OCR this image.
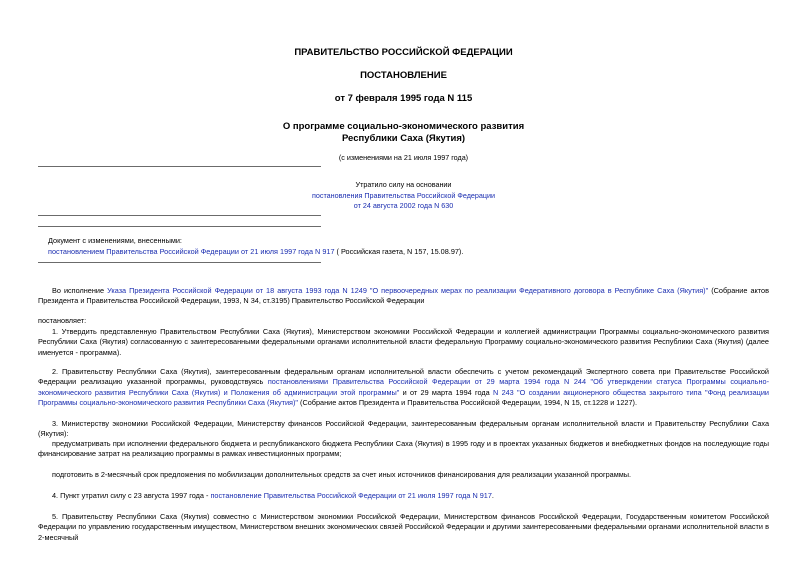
ПРАВИТЕЛЬСТВО РОССИЙСКОЙ ФЕДЕРАЦИИ
ПОСТАНОВЛЕНИЕ
от 7 февраля 1995 года N 115
О программе социально-экономического развития
Республики Саха (Якутия)
(с изменениями на 21 июля 1997 года)
Утратило силу на основании
постановления Правительства Российской Федерации
от 24 августа 2002 года N 630
Документ с изменениями, внесенными:
постановлением Правительства Российской Федерации от 21 июля 1997 года N 917 ( Российская газета, N 157, 15.08.97).
Во исполнение Указа Президента Российской Федерации от 18 августа 1993 года N 1249 "О первоочередных мерах по реализации Федеративного договора в Республике Саха (Якутия)" (Собрание актов Президента и Правительства Российской Федерации, 1993, N 34, ст.3195) Правительство Российской Федерации
постановляет:
1. Утвердить представленную Правительством Республики Саха (Якутия), Министерством экономики Российской Федерации и коллегией администрации Программы социально-экономического развития Республики Саха (Якутия) согласованную с заинтересованными федеральными органами исполнительной власти федеральную Программу социально-экономического развития Республики Саха (Якутия) (далее именуется - программа).
2. Правительству Республики Саха (Якутия), заинтересованным федеральным органам исполнительной власти обеспечить с учетом рекомендаций Экспертного совета при Правительстве Российской Федерации реализацию указанной программы, руководствуясь постановлениями Правительства Российской Федерации от 29 марта 1994 года N 244 "Об утверждении статуса Программы социально-экономического развития Республики Саха (Якутия) и Положения об администрации этой программы" и от 29 марта 1994 года N 243 "О создании акционерного общества закрытого типа "Фонд реализации Программы социально-экономического развития Республики Саха (Якутия)" (Собрание актов Президента и Правительства Российской Федерации, 1994, N 15, ст.1228 и 1227).
3. Министерству экономики Российской Федерации, Министерству финансов Российской Федерации, заинтересованным федеральным органам исполнительной власти и Правительству Республики Саха (Якутия):
предусматривать при исполнении федерального бюджета и республиканского бюджета Республики Саха (Якутия) в 1995 году и в проектах указанных бюджетов и внебюджетных фондов на последующие годы финансирование затрат на реализацию программы в рамках инвестиционных программ;
подготовить в 2-месячный срок предложения по мобилизации дополнительных средств за счет иных источников финансирования для реализации указанной программы.
4. Пункт утратил силу с 23 августа 1997 года - постановление Правительства Российской Федерации от 21 июля 1997 года N 917.
5. Правительству Республики Саха (Якутия) совместно с Министерством экономики Российской Федерации, Министерством финансов Российской Федерации, Государственным комитетом Российской Федерации по управлению государственным имуществом, Министерством внешних экономических связей Российской Федерации и другими заинтересованными федеральными органами исполнительной власти в 2-месячный
